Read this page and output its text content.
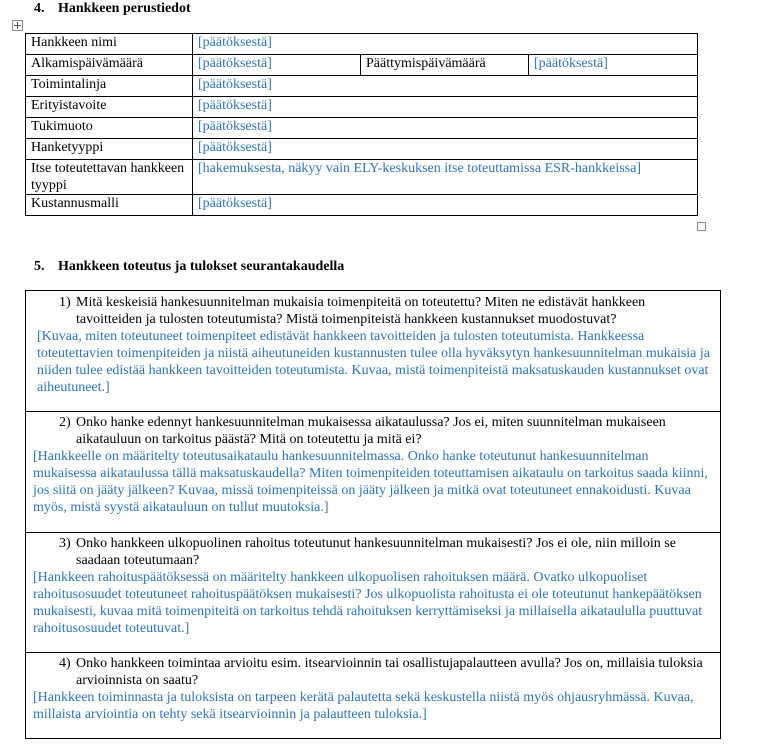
4. Hankkeen perustiedot
Hankkeen nimi	[päätöksestä]		
Alkamispäivämäärä	[päätöksestä]	Päättymispäivämäärä	[päätöksestä]
Toimintalinja	[päätöksestä]		
Erityistavoite	[päätöksestä]		
Tukimuoto	[päätöksestä]		
Hanketyyppi	[päätöksestä]		
Itse toteutettavan hankkeen tyyppi	[hakemuksesta, näkyy vain ELY-keskuksen itse toteuttamissa ESR-hankkeissa]		
Kustannusmalli	[päätöksestä]		
5. Hankkeen toteutus ja tulokset seurantakaudella

1) Mitä keskeisiä hankesuunnitelman mukaisia toimenpiteitä on toteutettu? Miten ne edistävät hankkeen tavoitteiden ja tulosten toteutumista? Mistä toimenpiteistä hankkeen kustannukset muodostuvat?

[Kuvaa, miten toteutuneet toimenpiteet edistävät hankkeen tavoitteiden ja tulosten toteutumista. Hankkeessa toteutettavien toimenpiteiden ja niistä aiheutuneiden kustannusten tulee olla hyväksytyn hankesuunnitelman mukaisia ja niiden tulee edistää hankkeen tavoitteiden toteutumista. Kuvaa, mistä toimenpiteistä maksatuskauden kustannukset ovat aiheutuneet.]

2) Onko hanke edennyt hankesuunnitelman mukaisessa aikataulussa? Jos ei, miten suunnitelman mukaiseen aikatauluun on tarkoitus päästä? Mitä on toteutettu ja mitä ei?

[Hankkeelle on määritelty toteutusaikataulu hankesuunnitelmassa. Onko hanke toteutunut hankesuunnitelman mukaisessa aikataulussa tällä maksatuskaudella? Miten toimenpiteiden toteuttamisen aikataulu on tarkoitus saada kiinni, jos siitä on jääty jälkeen? Kuvaa, missä toimenpiteissä on jääty jälkeen ja mitkä ovat toteutuneet ennakoidusti. Kuvaa myös, mistä syystä aikatauluun on tullut muutoksia.]

3) Onko hankkeen ulkopuolinen rahoitus toteutunut hankesuunnitelman mukaisesti? Jos ei ole, niin milloin se saadaan toteutumaan?

[Hankkeen rahoituspäätöksessä on määritelty hankkeen ulkopuolisen rahoituksen määrä. Ovatko ulkopuoliset rahoitusosuudet toteutuneet rahoituspäätöksen mukaisesti? Jos ulkopuolista rahoitusta ei ole toteutunut hankepäätöksen mukaisesti, kuvaa mitä toimenpiteitä on tarkoitus tehdä rahoituksen kerryttämiseksi ja millaisella aikataululla puuttuvat rahoitusosuudet toteutuvat.]

4) Onko hankkeen toimintaa arvioitu esim. itsearvioinnin tai osallistujapalautteen avulla? Jos on, millaisia tuloksia arvioinnista on saatu?

[Hankkeen toiminnasta ja tuloksista on tarpeen kerätä palautetta sekä keskustella niistä myös ohjausryhmässä. Kuvaa, millaista arviointia on tehty sekä itsearvioinnin ja palautteen tuloksia.]
